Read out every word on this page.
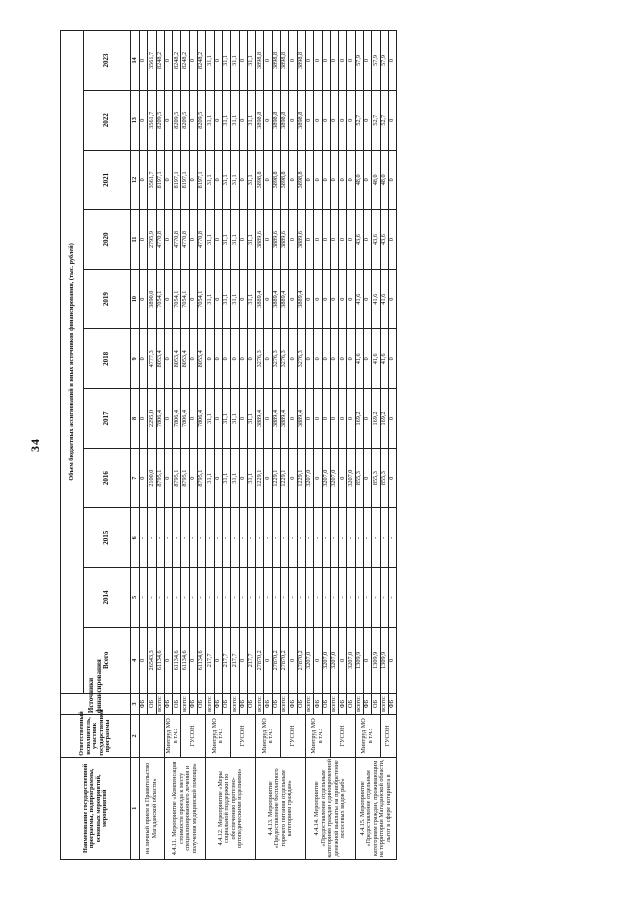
34
Наименование государственной программы, подпрограммы, основных мероприятий, мероприятий	Ответственный исполнитель, участник государственной программы	Источники финансирования	Объем бюджетных ассигнований и иных источников финансирования, (тыс. рублей)										
			Всего	2014	2015	2016	2017	2018	2019	2020	2021	2022	2023
1	2	3	4	5	6	7	8	9	10	11	12	13	14
на личный прием в Правительство Магаданской области»		ФБ	0	-	-	0	0	0	0	0	0	0	0
		ОБ	26543,3	-	-	2100,0	2295,0	4777,3	3890,0	2795,9	3561,7	3561,7	3561,7
		всего:	61134,6	-	-	8795,1	7806,4	8053,4	7054,1	4770,8	8197,1	8209,5	8248,2
4.4.11. Мероприятие «Компенсация стоимости проезда к месту специализированного лечения и получения медицинской помощи»	Минтруд МО в т.ч.:	ФБ	0	-	-	0	0	0	0	0	0	0	0
		ОБ	61134,6	-	-	8795,1	7806,4	8053,4	7054,1	4770,8	8197,1	8209,5	8248,2
	ГУСОН	всего:	61134,6	-	-	8795,1	7806,4	8053,4	7054,1	4770,8	8197,1	8209,5	8248,2
		ФБ	0	-	-	0	0	0	0	0	0	0	0
		ОБ	61134,6	-	-	8795,1	7806,4	8053,4	7054,1	4770,8	8197,1	8209,5	8248,2
4.4.12. Мероприятие «Меры социальной поддержки по обеспечению протезно-ортопедическими изделиями»	Минтруд МО в т.ч.:	всего:	217,7	-	-	31,1	31,1	0	31,1	31,1	31,1	31,1	31,1
		ФБ	0	-	-	0	0	0	0	0	0	0	0
		ОБ	217,7	-	-	31,1	31,1	0	31,1	31,1	31,1	31,1	31,1
	ГУСОН	всего:	217,7	-	-	31,1	31,1	0	31,1	31,1	31,1	31,1	31,1
		ФБ	0	-	-	0	0	0	0	0	0	0	0
		ОБ	217,7	-	-	31,1	31,1	0	31,1	31,1	31,1	31,1	31,1
4.4.13. Мероприятие «Предоставление бесплатного горячего питания отдельным категориям граждан»	Минтруд МО в т.ч.:	всего:	27870,2	-	-	1229,1	3889,4	3276,3	3889,4	3889,6	3898,8	3898,8	3898,8
		ФБ	0	-	-	0	0	0	0	0	0	0	0
		ОБ	27870,2	-	-	1229,1	3889,4	3276,3	3889,4	3889,6	3898,8	3898,8	3898,8
	ГУСОН	всего:	27870,2	-	-	1229,1	3889,4	3276,3	3889,4	3889,6	3898,8	3898,8	3898,8
		ФБ	0	-	-	0	0	0	0	0	0	0	0
		ОБ	27870,2	-	-	1229,1	3889,4	3276,3	3889,4	3889,6	3898,8	3898,8	3898,8
4.4.14. Мероприятие «Предоставление отдельным категориям граждан единовременной денежной выплаты на приобретение лососевых видов рыб»	Минтруд МО в т.ч.:	всего:	3207,0	-	-	3207,0	0	0	0	0	0	0	0
		ФБ	0	-	-	0	0	0	0	0	0	0	0
		ОБ	3207,0	-	-	3207,0	0	0	0	0	0	0	0
	ГУСОН	всего:	3207,0	-	-	3207,0	0	0	0	0	0	0	0
		ФБ	0	-	-	0	0	0	0	0	0	0	0
		ОБ	3207,0	-	-	3207,0	0	0	0	0	0	0	0
4.4.15. Мероприятие «Предоставление отдельным категориям граждан, проживающим на территории Магаданской области, льгот в сфере нотариата в	Минтруд МО в т.ч.:	всего:	1309,9	-	-	855,3	169,2	41,6	41,6	43,6	48,0	52,7	57,9
		ФБ	0	-	-	0	0	0	0	0	0	0	0
		ОБ	1309,9	-	-	855,3	169,2	41,6	41,6	43,6	48,0	52,7	57,9
	ГУСОН	всего:	1309,9	-	-	855,3	169,2	41,6	41,6	43,6	48,0	52,7	57,9
		ФБ	0	-	-	0	0	0	0	0	0	0	0
